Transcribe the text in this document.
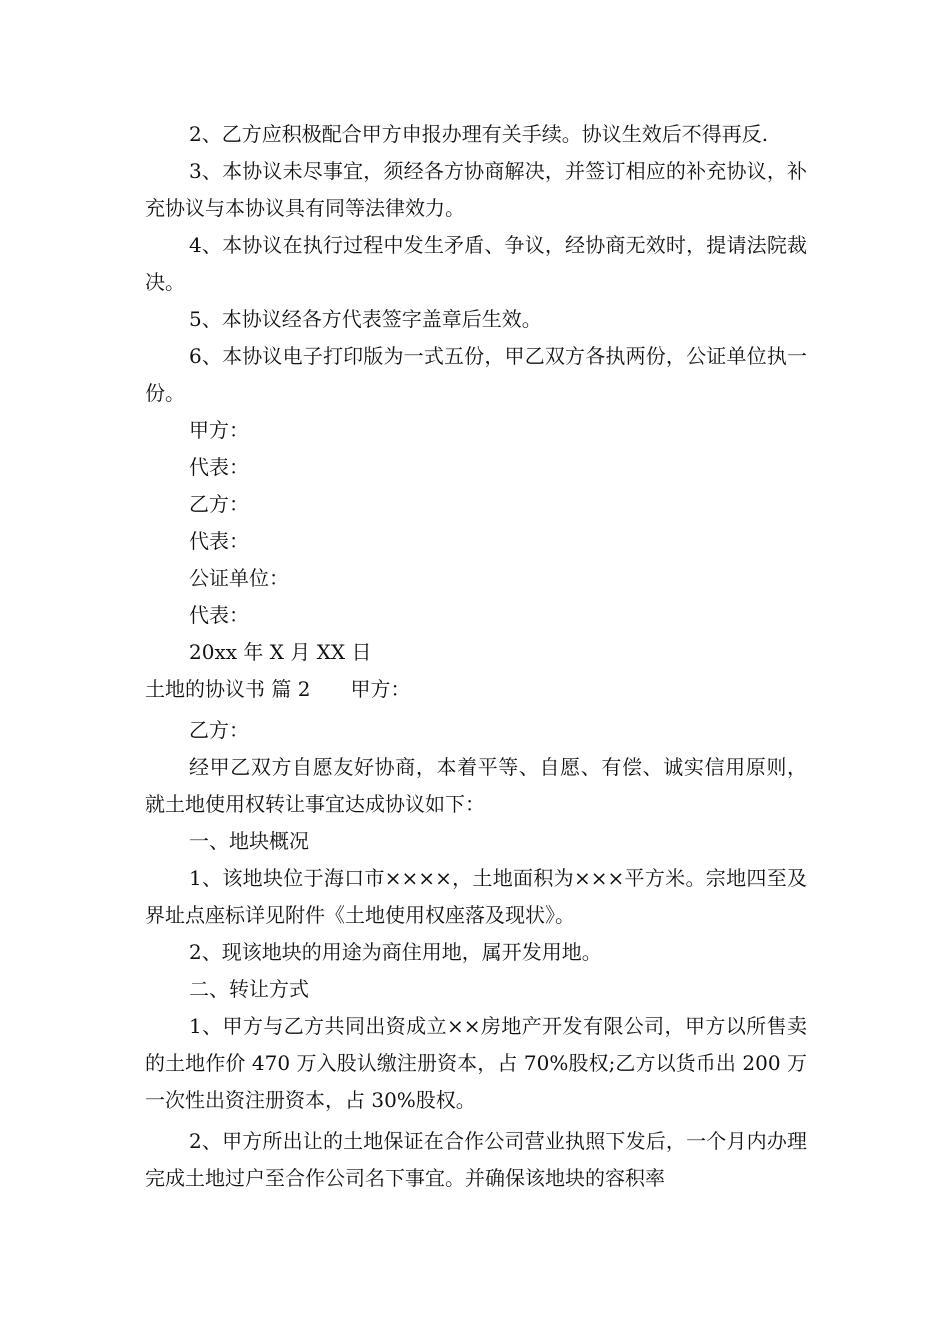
2、乙方应积极配合甲方申报办理有关手续。协议生效后不得再反.

3、本协议未尽事宜，须经各方协商解决，并签订相应的补充协议，补充协议与本协议具有同等法律效力。

4、本协议在执行过程中发生矛盾、争议，经协商无效时，提请法院裁决。

5、本协议经各方代表签字盖章后生效。

6、本协议电子打印版为一式五份，甲乙双方各执两份，公证单位执一份。

甲方：

代表：

乙方：

代表：

公证单位：

代表：

20xx 年 X 月 XX 日

土地的协议书 篇 2　　甲方：

乙方：

经甲乙双方自愿友好协商，本着平等、自愿、有偿、诚实信用原则，就土地使用权转让事宜达成协议如下：

一、地块概况

1、该地块位于海口市××××，土地面积为×××平方米。宗地四至及界址点座标详见附件《土地使用权座落及现状》。

2、现该地块的用途为商住用地，属开发用地。

二、转让方式

1、甲方与乙方共同出资成立××房地产开发有限公司，甲方以所售卖的土地作价 470 万入股认缴注册资本，占 70%股权;乙方以货币出 200 万一次性出资注册资本，占 30%股权。

2、甲方所出让的土地保证在合作公司营业执照下发后，一个月内办理完成土地过户至合作公司名下事宜。并确保该地块的容积率
